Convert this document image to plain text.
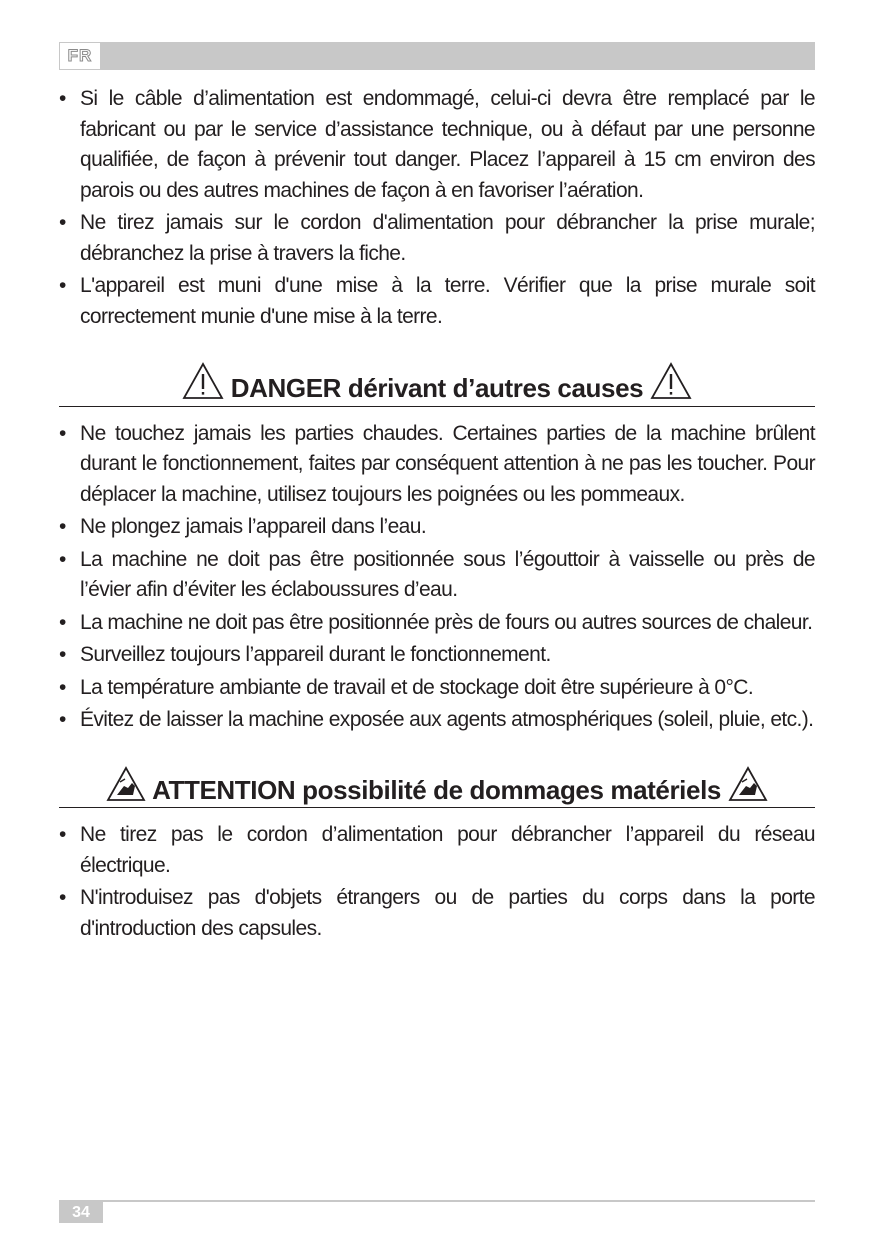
FR
• Si le câble d’alimentation est endommagé, celui-ci devra être remplacé par le fabricant ou par le service d’assistance technique, ou à défaut par une personne qualifiée, de façon à prévenir tout danger. Placez l’appareil à 15 cm environ des parois ou des autres machines de façon à en favoriser l’aération.
• Ne tirez jamais sur le cordon d'alimentation pour débrancher la prise murale; débranchez la prise à travers la fiche.
• L'appareil est muni d'une mise à la terre. Vérifier que la prise murale soit correctement munie d'une mise à la terre.
DANGER dérivant d’autres causes
• Ne touchez jamais les parties chaudes. Certaines parties de la machine brûlent durant le fonctionnement, faites par conséquent attention à ne pas les toucher. Pour déplacer la machine, utilisez toujours les poignées ou les pommeaux.
• Ne plongez jamais l’appareil dans l’eau.
• La machine ne doit pas être positionnée sous l’égouttoir à vaisselle ou près de l’évier afin d’éviter les éclaboussures d’eau.
• La machine ne doit pas être positionnée près de fours ou autres sources de chaleur.
• Surveillez toujours l’appareil durant le fonctionnement.
• La température ambiante de travail et de stockage doit être supérieure à 0°C.
• Évitez de laisser la machine exposée aux agents atmosphériques (soleil, pluie, etc.).
ATTENTION possibilité de dommages matériels
• Ne tirez pas le cordon d’alimentation pour débrancher l’appareil du réseau électrique.
• N'introduisez pas d'objets étrangers ou de parties du corps dans la porte d'introduction des capsules.
34
